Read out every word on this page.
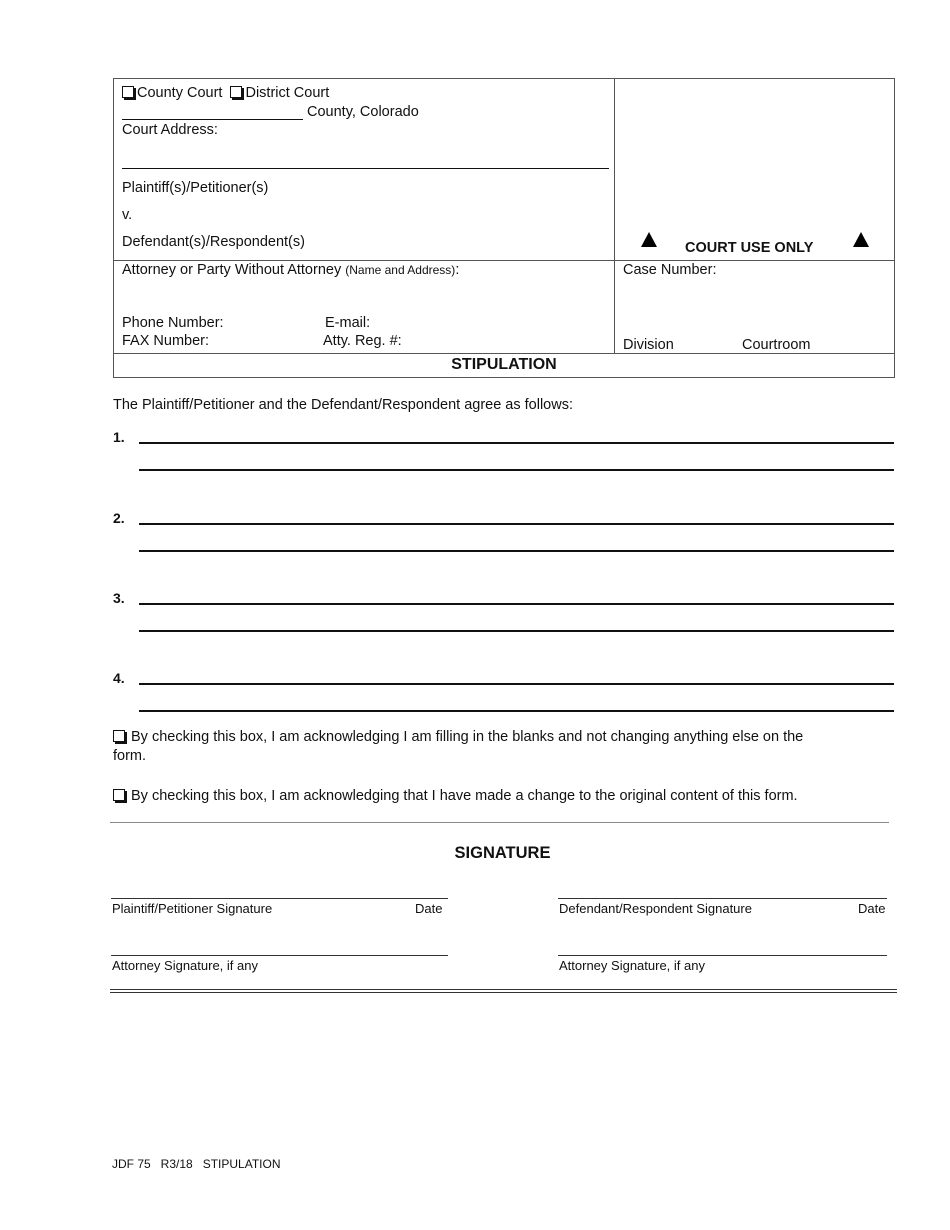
County Court District Court
County, Colorado
Court Address:
Plaintiff(s)/Petitioner(s)
v.
Defendant(s)/Respondent(s)	COURT USE ONLY
Attorney or Party Without Attorney (Name and Address):
Phone Number:	E-mail:
FAX Number:	Atty. Reg. #:
Case Number:
Division	Courtroom
STIPULATION
The Plaintiff/Petitioner and the Defendant/Respondent agree as follows:
1.
2.
3.
4.
By checking this box, I am acknowledging I am filling in the blanks and not changing anything else on the
form.
By checking this box, I am acknowledging that I have made a change to the original content of this form.
SIGNATURE
Plaintiff/Petitioner Signature	Date	Defendant/Respondent Signature	Date
Attorney Signature, if any	Attorney Signature, if any
JDF 75   R3/18   STIPULATION
